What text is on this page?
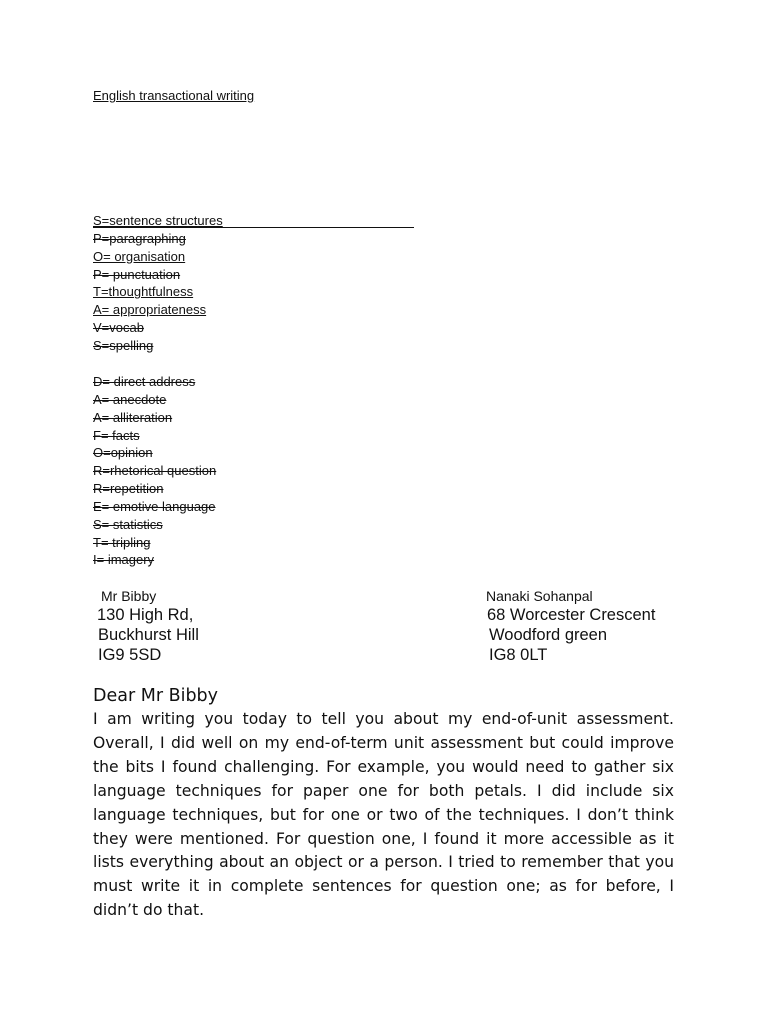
English transactional writing
S=sentence structures
P=paragraphing
O= organisation
P= punctuation
T=thoughtfulness
A= appropriateness
V=vocab
S=spelling
D= direct address
A= anecdote
A= alliteration
F= facts
O=opinion
R=rhetorical question
R=repetition
E= emotive language
S= statistics
T= tripling
I= imagery
Mr Bibby
130 High Rd,
Buckhurst Hill
IG9 5SD
Nanaki Sohanpal
68 Worcester Crescent
Woodford green
IG8 0LT
Dear Mr Bibby

I am writing you today to tell you about my end-of-unit assessment. Overall, I did well on my end-of-term unit assessment but could improve the bits I found challenging. For example, you would need to gather six language techniques for paper one for both petals. I did include six language techniques, but for one or two of the techniques. I don’t think they were mentioned. For question one, I found it more accessible as it lists everything about an object or a person. I tried to remember that you must write it in complete sentences for question one; as for before, I didn’t do that.
